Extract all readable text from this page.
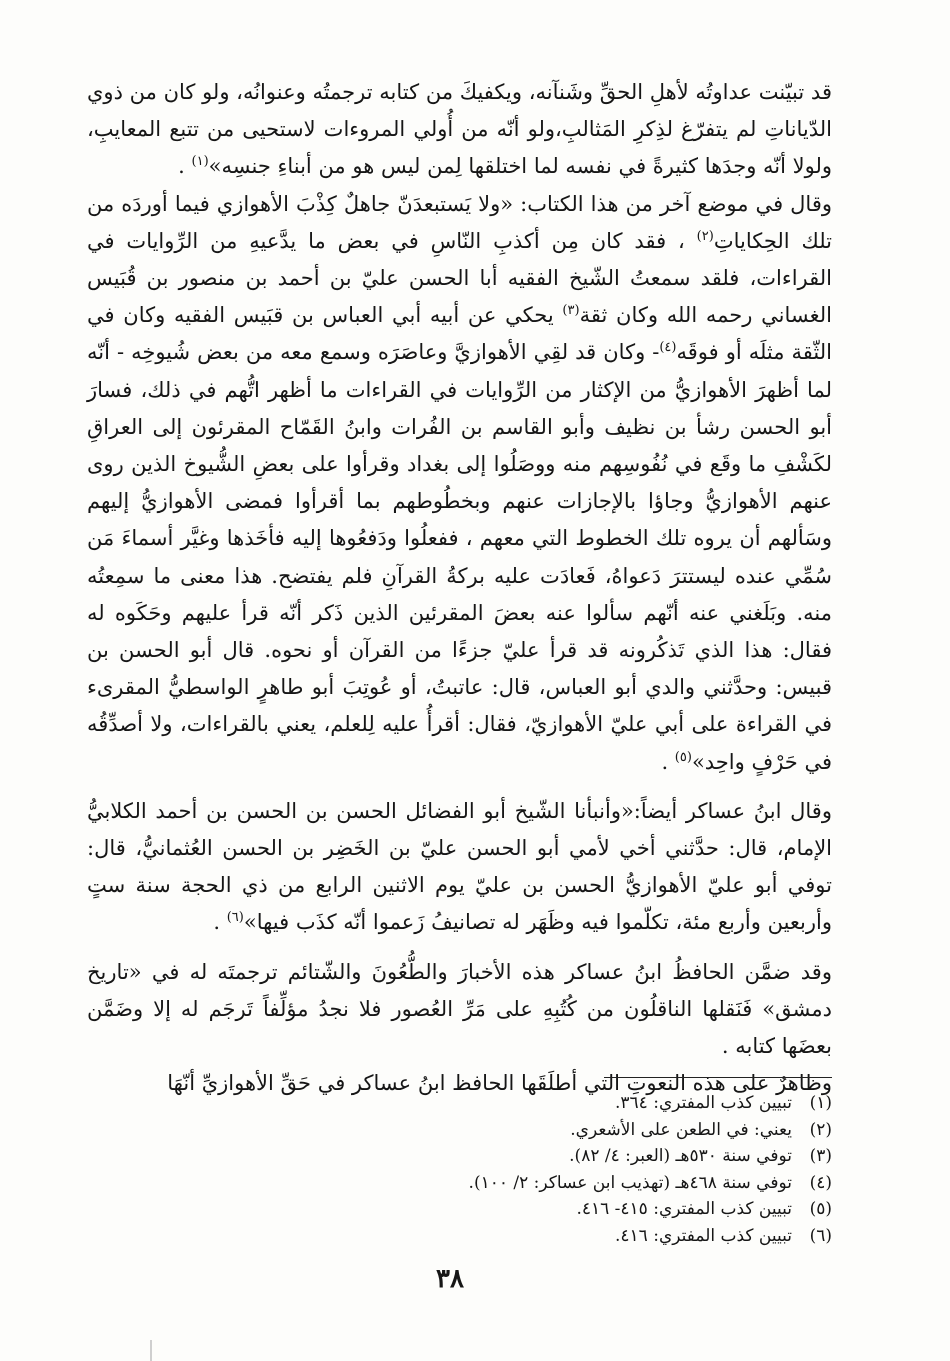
قد تبيّنت عداوتُه لأهلِ الحقِّ وشَنآنه، ويكفيكَ من كتابه ترجمتُه وعنوانُه، ولو كان من ذوي الدّياناتِ لم يتفرّغ لذِكرِ المَثالبِ،ولو أنّه من أُولي المروءات لاستحيى من تتبع المعايبِ، ولولا أنّه وجدَها كثيرةً في نفسه لما اختلقها لِمن ليس هو من أبناءِ جنسِه»$^{(١)}$ .

وقال في موضع آخر من هذا الكتاب: «ولا يَستبعدَنّ جاهلٌ كِذْبَ الأهوازي فيما أوردَه من تلك الحِكاياتِ$^{(٢)}$ ، فقد كان مِن أكذبِ النّاسِ في بعض ما يدَّعيهِ من الرِّوايات في القراءات، فلقد سمعتُ الشّيخ الفقيه أبا الحسن عليّ بن أحمد بن منصور بن قُبَيس الغساني رحمه الله وكان ثقة$^{(٣)}$ يحكي عن أبيه أبي العباس بن قبَيس الفقيه وكان في الثّقة مثلَه أو فوقَه$^{(٤)}$- وكان قد لقِي الأهوازيَّ وعاصَرَه وسمع معه من بعض شُيوخِه - أنّه لما أظهرَ الأهوازيُّ من الإكثار من الرِّوايات في القراءات ما أظهر اتُّهم في ذلك، فسارَ أبو الحسن رشأ بن نظيف وأبو القاسم بن الفُرات وابنُ القَمّاح المقرئون إلى العراقِ لكَشْفِ ما وقَع في نُفُوسِهم منه ووصَلُوا إلى بغداد وقرأوا على بعضِ الشُّيوخ الذين روى عنهم الأهوازيُّ وجاؤا بالإجازات عنهم وبخطُوطهم بما أقرأوا فمضى الأهوازيُّ إليهم وسَألهم أن يروه تلك الخطوط التي معهم ، ففعلُوا ودَفعُوها إليه فأخَذها وغيَّر أسماءَ مَن سُمِّي عنده ليستترَ دَعواهُ، فَعادَت عليه بركةُ القرآنِ فلم يفتضح. هذا معنى ما سمِعتُه منه. وبَلَغني عنه أنّهم سألوا عنه بعضَ المقرئين الذين ذَكر أنّه قرأ عليهم وحَكَوه له فقال: هذا الذي تَذكُرونه قد قرأ عليّ جزءًا من القرآن أو نحوه. قال أبو الحسن بن قبيس: وحدَّثني والدي أبو العباس، قال: عاتبتُ، أو عُوتِبَ أبو طاهرٍ الواسطيُّ المقرىء في القراءة على أبي عليّ الأهوازيّ، فقال: أقرأُ عليه لِلعلم، يعني بالقراءات، ولا أصدِّقُه في حَرْفٍ واحِد»$^{(٥)}$ .

وقال ابنُ عساكر أيضاً:«وأنبأنا الشّيخ أبو الفضائل الحسن بن الحسن بن أحمد الكلابيُّ الإمام، قال: حدَّثني أخي لأمي أبو الحسن عليّ بن الخَضِر بن الحسن العُثمانيُّ، قال: توفي أبو عليّ الأهوازيُّ الحسن بن عليّ يوم الاثنين الرابع من ذي الحجة سنة ستٍ وأربعين وأربع مئة، تكلّموا فيه وظَهَر له تصانيفُ زَعموا أنّه كذَب فيها»$^{(٦)}$ .

وقد ضمَّن الحافظُ ابنُ عساكر هذه الأخبارَ والطُّعُونَ والشّتائم ترجمتَه له في «تاريخ دمشق» فَنَقلها الناقلُون من كُتُبِهِ على مَرِّ العُصور فلا نجدُ مؤلِّفاً تَرجَم له إلا وضَمَّن بعضَها كتابه .

وظاهرٌ على هذه النعوتِ التي أطلَقَها الحافظ ابنُ عساكر في حَقِّ الأهوازيِّ أنّهَا

(١)تبيين كذب المفتري: ٣٦٤.
(٢)يعني: في الطعن على الأشعري.
(٣)توفي سنة ٥٣٠هـ (العبر: ٤/ ٨٢).
(٤)توفي سنة ٤٦٨هـ (تهذيب ابن عساكر: ٢/ ١٠٠).
(٥)تبيين كذب المفتري: ٤١٥- ٤١٦.
(٦)تبيين كذب المفتري: ٤١٦.
٣٨
